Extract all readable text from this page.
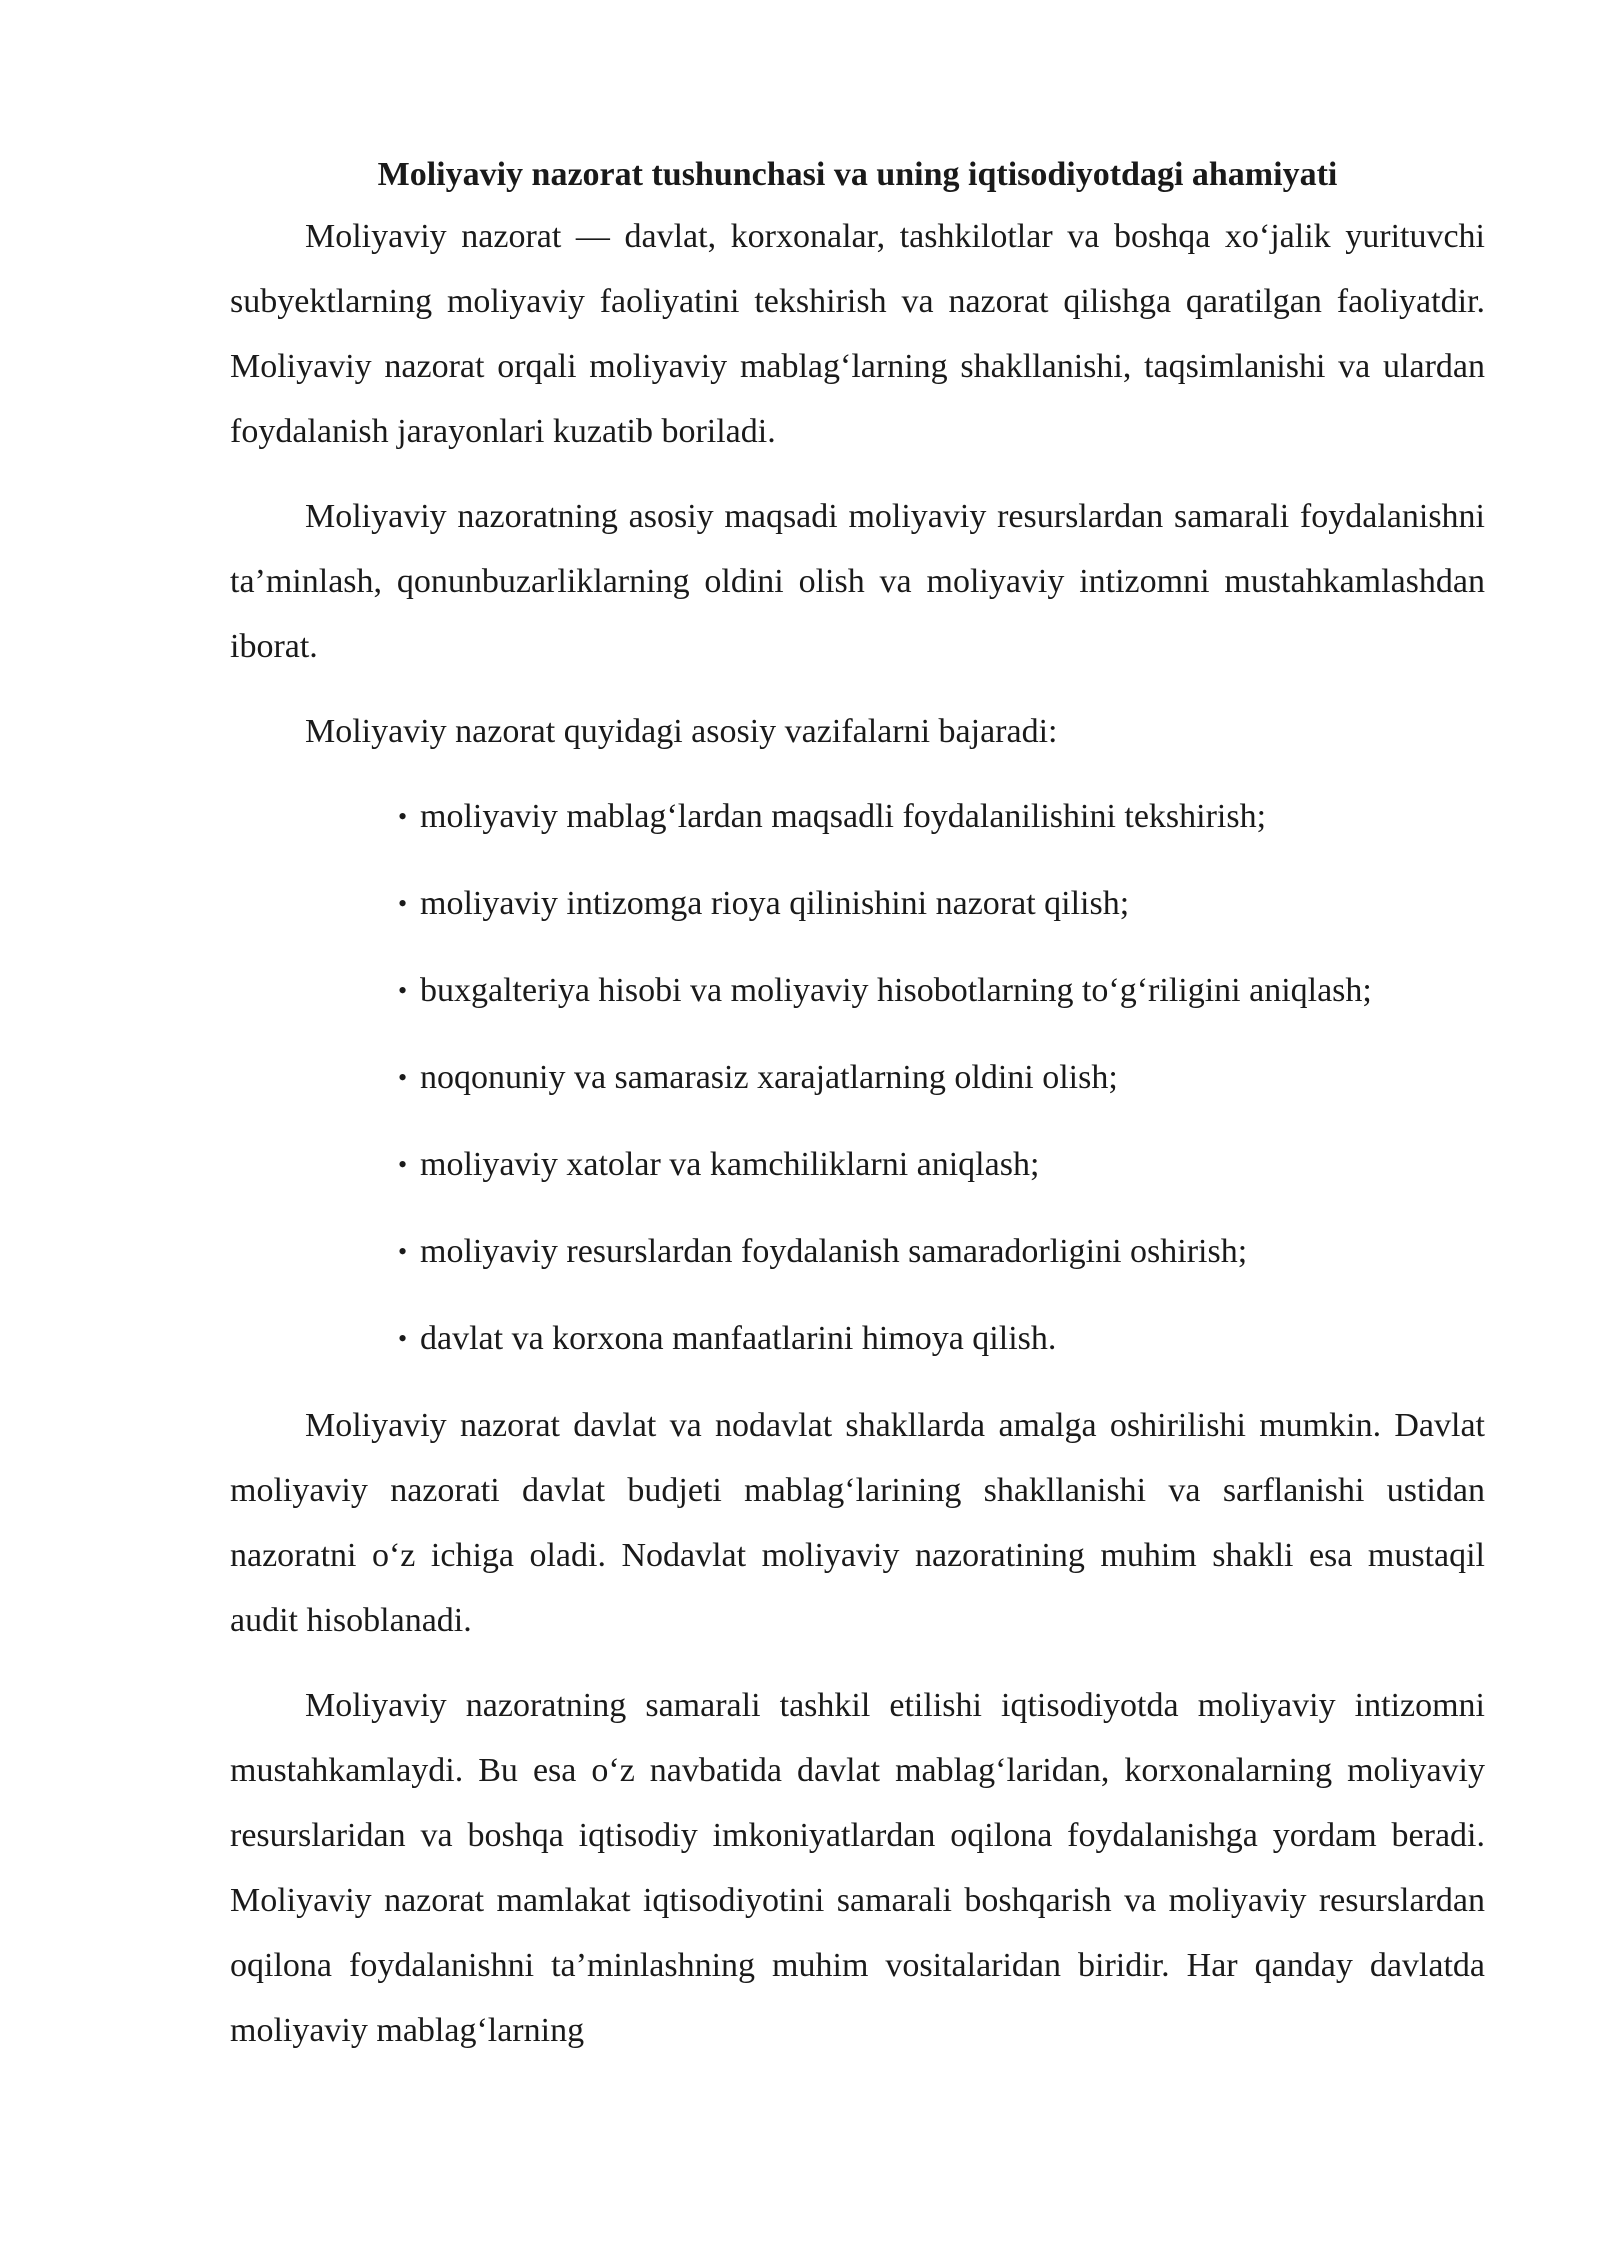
Moliyaviy nazorat tushunchasi va uning iqtisodiyotdagi ahamiyati

Moliyaviy nazorat — davlat, korxonalar, tashkilotlar va boshqa xo‘jalik yurituvchi subyektlarning moliyaviy faoliyatini tekshirish va nazorat qilishga qaratilgan faoliyatdir. Moliyaviy nazorat orqali moliyaviy mablag‘larning shakllanishi, taqsimlanishi va ulardan foydalanish jarayonlari kuzatib boriladi.

Moliyaviy nazoratning asosiy maqsadi moliyaviy resurslardan samarali foydalanishni ta’minlash, qonunbuzarliklarning oldini olish va moliyaviy intizomni mustahkamlashdan iborat.

Moliyaviy nazorat quyidagi asosiy vazifalarni bajaradi:

• moliyaviy mablag‘lardan maqsadli foydalanilishini tekshirish;
• moliyaviy intizomga rioya qilinishini nazorat qilish;
• buxgalteriya hisobi va moliyaviy hisobotlarning to‘g‘riligini aniqlash;
• noqonuniy va samarasiz xarajatlarning oldini olish;
• moliyaviy xatolar va kamchiliklarni aniqlash;
• moliyaviy resurslardan foydalanish samaradorligini oshirish;
• davlat va korxona manfaatlarini himoya qilish.

Moliyaviy nazorat davlat va nodavlat shakllarda amalga oshirilishi mumkin. Davlat moliyaviy nazorati davlat budjeti mablag‘larining shakllanishi va sarflanishi ustidan nazoratni o‘z ichiga oladi. Nodavlat moliyaviy nazoratining muhim shakli esa mustaqil audit hisoblanadi.

Moliyaviy nazoratning samarali tashkil etilishi iqtisodiyotda moliyaviy intizomni mustahkamlaydi. Bu esa o‘z navbatida davlat mablag‘laridan, korxonalarning moliyaviy resurslaridan va boshqa iqtisodiy imkoniyatlardan oqilona foydalanishga yordam beradi. Moliyaviy nazorat mamlakat iqtisodiyotini samarali boshqarish va moliyaviy resurslardan oqilona foydalanishni ta’minlashning muhim vositalaridan biridir. Har qanday davlatda moliyaviy mablag‘larning
